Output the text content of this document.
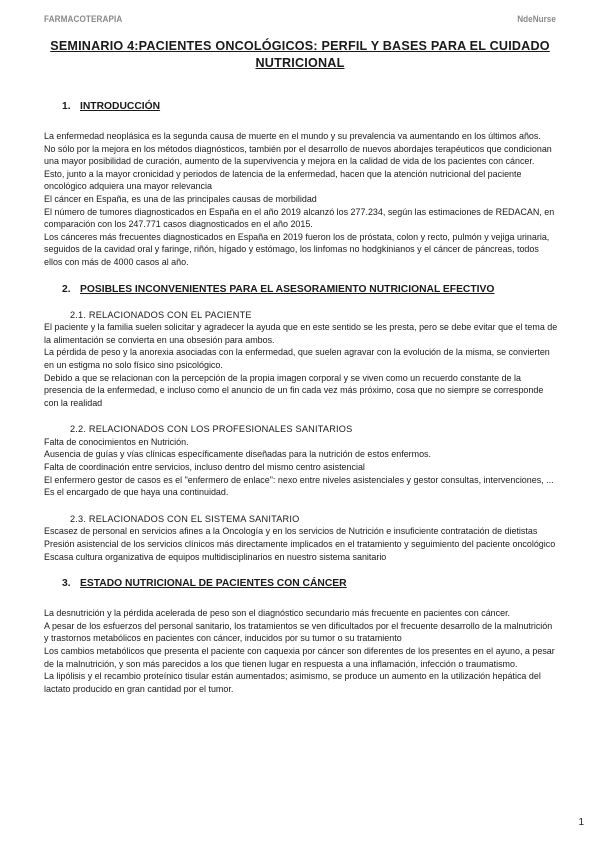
FARMACOTERAPIA	NdeNurse
SEMINARIO 4:PACIENTES ONCOLÓGICOS: PERFIL Y BASES PARA EL CUIDADO NUTRICIONAL
1. INTRODUCCIÓN

La enfermedad neoplásica es la segunda causa de muerte en el mundo y su prevalencia va aumentando en los últimos años.

No sólo por la mejora en los métodos diagnósticos, también por el desarrollo de nuevos abordajes terapéuticos que condicionan una mayor posibilidad de curación, aumento de la supervivencia y mejora en la calidad de vida de los pacientes con cáncer.

Esto, junto a la mayor cronicidad y periodos de latencia de la enfermedad, hacen que la atención nutricional del paciente oncológico adquiera una mayor relevancia

El cáncer en España, es una de las principales causas de morbilidad

El número de tumores diagnosticados en España en el año 2019 alcanzó los 277.234, según las estimaciones de REDACAN, en comparación con los 247.771 casos diagnosticados en el año 2015.

Los cánceres más frecuentes diagnosticados en España en 2019 fueron los de próstata, colon y recto, pulmón y vejiga urinaria, seguidos de la cavidad oral y faringe, riñón, hígado y estómago, los linfomas no hodgkinianos y el cáncer de páncreas, todos ellos con más de 4000 casos al año.

2. POSIBLES INCONVENIENTES PARA EL ASESORAMIENTO NUTRICIONAL EFECTIVO
2.1. RELACIONADOS CON EL PACIENTE

El paciente y la familia suelen solicitar y agradecer la ayuda que en este sentido se les presta, pero se debe evitar que el tema de la alimentación se convierta en una obsesión para ambos.

La pérdida de peso y la anorexia asociadas con la enfermedad, que suelen agravar con la evolución de la misma, se convierten en un estigma no solo físico sino psicológico.

Debido a que se relacionan con la percepción de la propia imagen corporal y se viven como un recuerdo constante de la presencia de la enfermedad, e incluso como el anuncio de un fin cada vez más próximo, cosa que no siempre se corresponde con la realidad

2.2. RELACIONADOS CON LOS PROFESIONALES SANITARIOS

Falta de conocimientos en Nutrición.

Ausencia de guías y vías clínicas específicamente diseñadas para la nutrición de estos enfermos.

Falta de coordinación entre servicios, incluso dentro del mismo centro asistencial

El enfermero gestor de casos es el "enfermero de enlace": nexo entre niveles asistenciales y gestor consultas, intervenciones, ... Es el encargado de que haya una continuidad.

2.3. RELACIONADOS CON EL SISTEMA SANITARIO

Escasez de personal en servicios afines a la Oncología y en los servicios de Nutrición e insuficiente contratación de dietistas

Presión asistencial de los servicios clínicos más directamente implicados en el tratamiento y seguimiento del paciente oncológico

Escasa cultura organizativa de equipos multidisciplinarios en nuestro sistema sanitario

3. ESTADO NUTRICIONAL DE PACIENTES CON CÁNCER

La desnutrición y la pérdida acelerada de peso son el diagnóstico secundario más frecuente en pacientes con cáncer.

A pesar de los esfuerzos del personal sanitario, los tratamientos se ven dificultados por el frecuente desarrollo de la malnutrición y trastornos metabólicos en pacientes con cáncer, inducidos por su tumor o su tratamiento

Los cambios metabólicos que presenta el paciente con caquexia por cáncer son diferentes de los presentes en el ayuno, a pesar de la malnutrición, y son más parecidos a los que tienen lugar en respuesta a una inflamación, infección o traumatismo.

La lipólisis y el recambio proteínico tisular están aumentados; asimismo, se produce un aumento en la utilización hepática del lactato producido en gran cantidad por el tumor.

1
